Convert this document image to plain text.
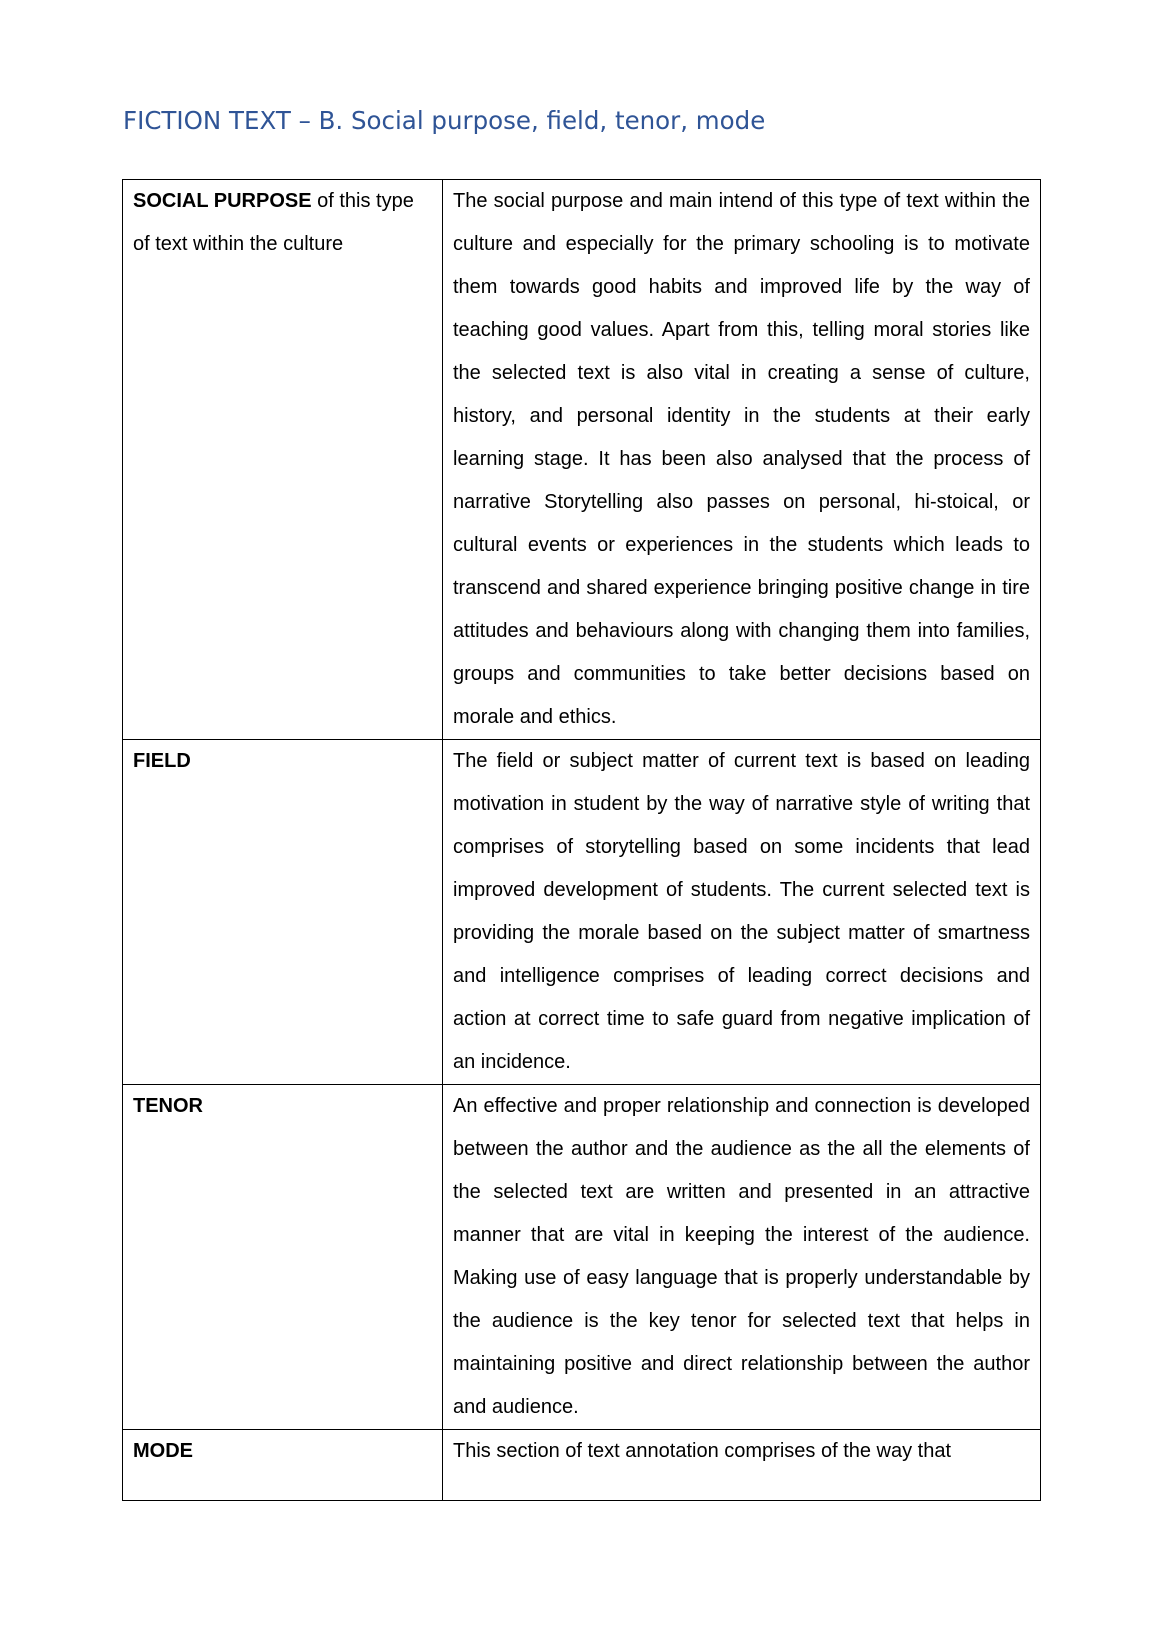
FICTION TEXT – B. Social purpose, field, tenor, mode
SOCIAL PURPOSE of this type of text within the culture	The social purpose and main intend of this type of text within the culture and especially for the primary schooling is to motivate them towards good habits and improved life by the way of teaching good values. Apart from this, telling moral stories like the selected text is also vital in creating a sense of culture, history, and personal identity in the students at their early learning stage. It has been also analysed that the process of narrative Storytelling also passes on personal, hi-stoical, or cultural events or experiences in the students which leads to transcend and shared experience bringing positive change in tire attitudes and behaviours along with changing them into families, groups and communities to take better decisions based on morale and ethics.
FIELD	The field or subject matter of current text is based on leading motivation in student by the way of narrative style of writing that comprises of storytelling based on some incidents that lead improved development of students. The current selected text is providing the morale based on the subject matter of smartness and intelligence comprises of leading correct decisions and action at correct time to safe guard from negative implication of an incidence.
TENOR	An effective and proper relationship and connection is developed between the author and the audience as the all the elements of the selected text are written and presented in an attractive manner that are vital in keeping the interest of the audience. Making use of easy language that is properly understandable by the audience is the key tenor for selected text that helps in maintaining positive and direct relationship between the author and audience.
MODE	This section of text annotation comprises of the way that
